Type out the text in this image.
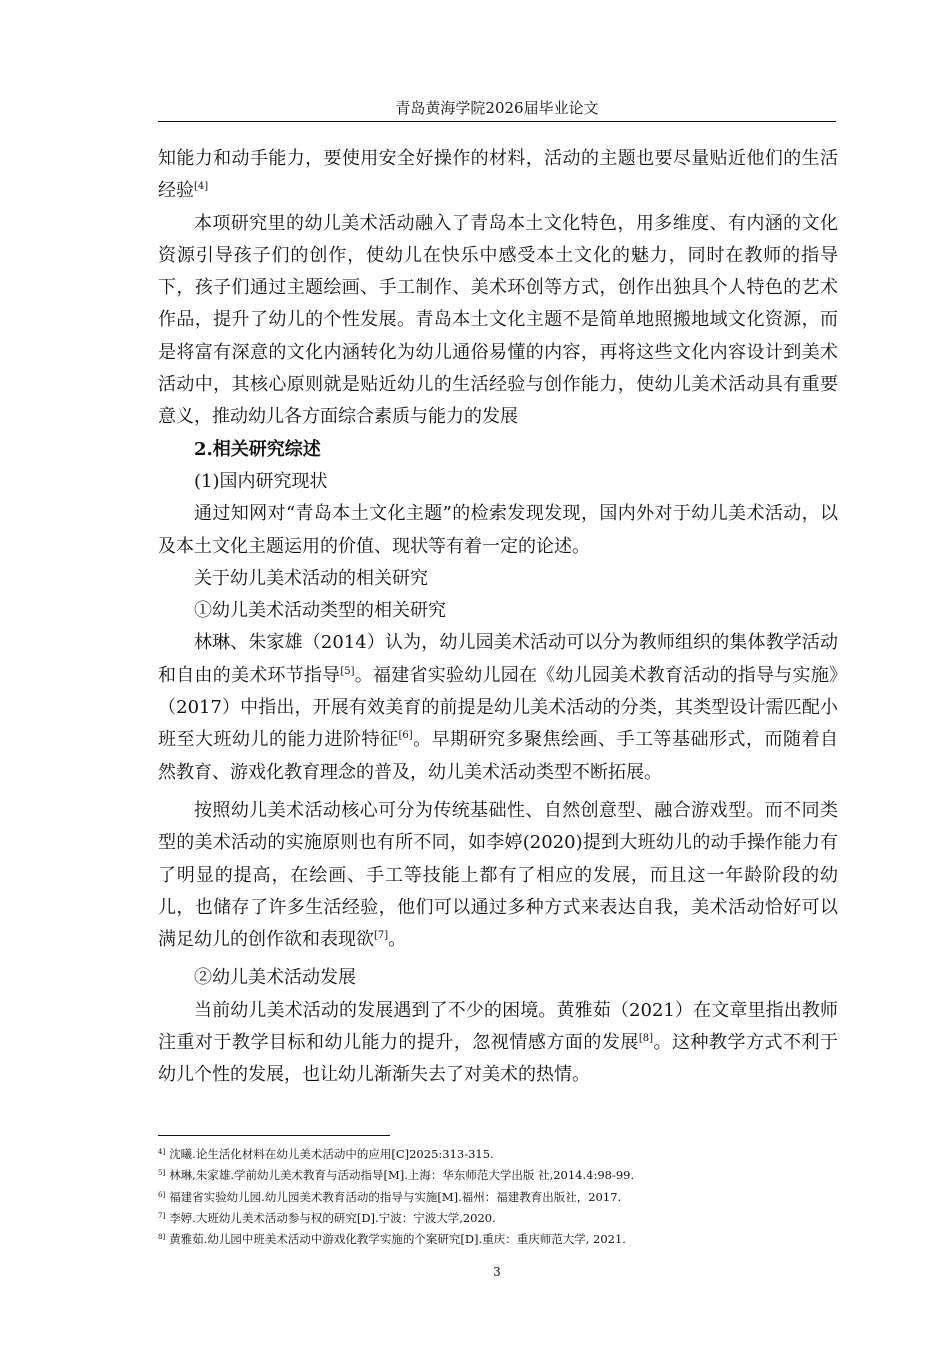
青岛黄海学院2026届毕业论文

知能力和动手能力，要使用安全好操作的材料，活动的主题也要尽量贴近他们的生活经验[4]

本项研究里的幼儿美术活动融入了青岛本土文化特色，用多维度、有内涵的文化资源引导孩子们的创作，使幼儿在快乐中感受本土文化的魅力，同时在教师的指导下，孩子们通过主题绘画、手工制作、美术环创等方式，创作出独具个人特色的艺术作品，提升了幼儿的个性发展。青岛本土文化主题不是简单地照搬地域文化资源，而是将富有深意的文化内涵转化为幼儿通俗易懂的内容，再将这些文化内容设计到美术活动中，其核心原则就是贴近幼儿的生活经验与创作能力，使幼儿美术活动具有重要意义，推动幼儿各方面综合素质与能力的发展

2.相关研究综述

(1)国内研究现状

通过知网对“青岛本土文化主题”的检索发现发现，国内外对于幼儿美术活动，以及本土文化主题运用的价值、现状等有着一定的论述。

关于幼儿美术活动的相关研究

①幼儿美术活动类型的相关研究

林琳、朱家雄（2014）认为，幼儿园美术活动可以分为教师组织的集体教学活动和自由的美术环节指导[5]。福建省实验幼儿园在《幼儿园美术教育活动的指导与实施》（2017）中指出，开展有效美育的前提是幼儿美术活动的分类，其类型设计需匹配小班至大班幼儿的能力进阶特征[6]。早期研究多聚焦绘画、手工等基础形式，而随着自然教育、游戏化教育理念的普及，幼儿美术活动类型不断拓展。

按照幼儿美术活动核心可分为传统基础性、自然创意型、融合游戏型。而不同类型的美术活动的实施原则也有所不同，如李婷(2020)提到大班幼儿的动手操作能力有了明显的提高，在绘画、手工等技能上都有了相应的发展，而且这一年龄阶段的幼儿，也储存了许多生活经验，他们可以通过多种方式来表达自我，美术活动恰好可以满足幼儿的创作欲和表现欲[7]。

②幼儿美术活动发展

当前幼儿美术活动的发展遇到了不少的困境。黄雅茹（2021）在文章里指出教师注重对于教学目标和幼儿能力的提升，忽视情感方面的发展[8]。这种教学方式不利于幼儿个性的发展，也让幼儿渐渐失去了对美术的热情。

$^{4]}$ 沈曦.论生活化材料在幼儿美术活动中的应用[C]2025:313-315.
$^{5]}$ 林琳,朱家雄.学前幼儿美术教育与活动指导[M].上海：华东师范大学出版 社,2014.4:98-99.
$^{6]}$ 福建省实验幼儿园.幼儿园美术教育活动的指导与实施[M].福州：福建教育出版社，2017.
$^{7]}$ 李婷.大班幼儿美术活动参与权的研究[D].宁波：宁波大学,2020.
$^{8]}$ 黄雅茹.幼儿园中班美术活动中游戏化教学实施的个案研究[D].重庆：重庆师范大学, 2021.
3
